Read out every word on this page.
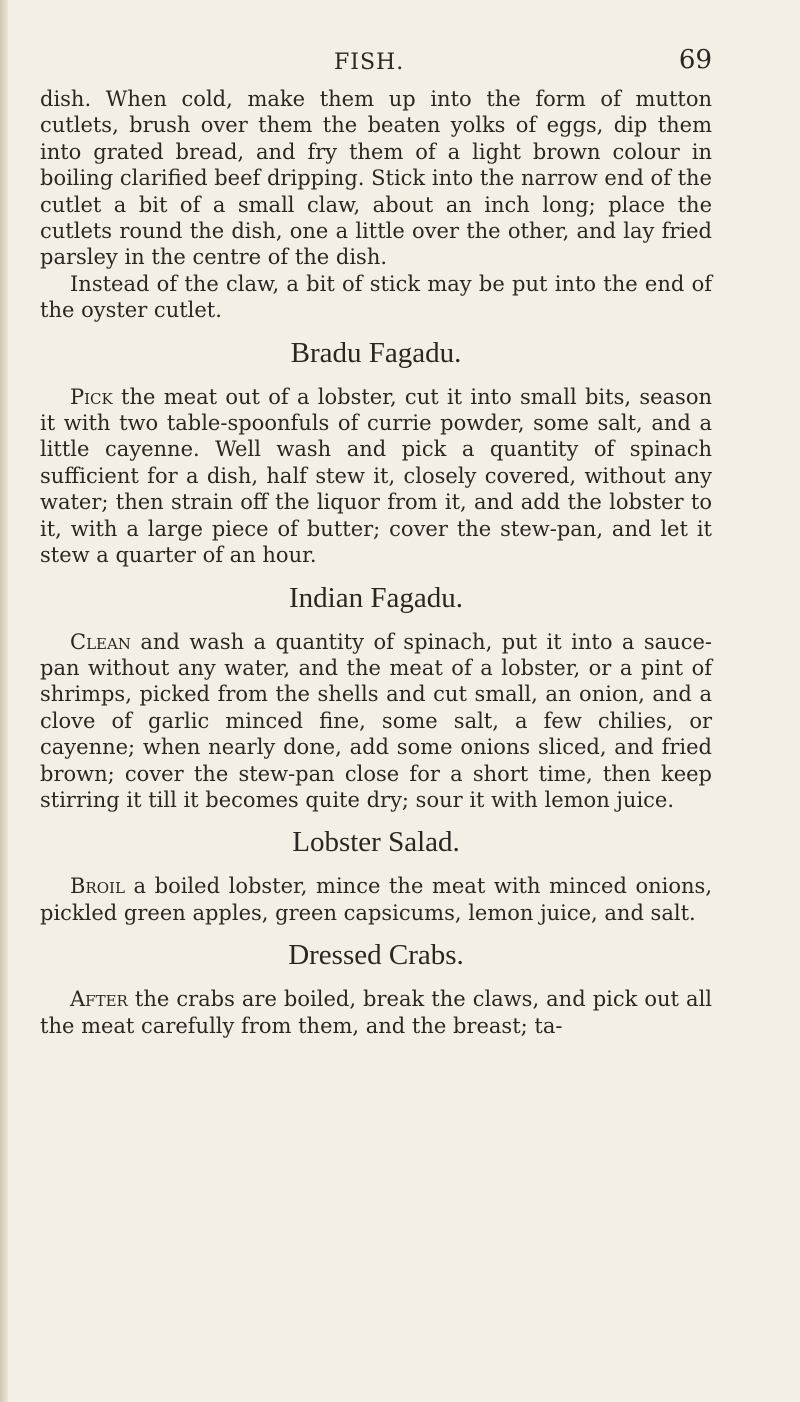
FISH.	69

dish. When cold, make them up into the form of mutton cutlets, brush over them the beaten yolks of eggs, dip them into grated bread, and fry them of a light brown colour in boiling clarified beef dripping. Stick into the narrow end of the cutlet a bit of a small claw, about an inch long; place the cutlets round the dish, one a little over the other, and lay fried parsley in the centre of the dish.

Instead of the claw, a bit of stick may be put into the end of the oyster cutlet.

Bradu Fagadu.

Pick the meat out of a lobster, cut it into small bits, season it with two table-spoonfuls of currie powder, some salt, and a little cayenne. Well wash and pick a quantity of spinach sufficient for a dish, half stew it, closely covered, without any water; then strain off the liquor from it, and add the lobster to it, with a large piece of butter; cover the stew-pan, and let it stew a quarter of an hour.

Indian Fagadu.

Clean and wash a quantity of spinach, put it into a sauce-pan without any water, and the meat of a lobster, or a pint of shrimps, picked from the shells and cut small, an onion, and a clove of garlic minced fine, some salt, a few chilies, or cayenne; when nearly done, add some onions sliced, and fried brown; cover the stew-pan close for a short time, then keep stirring it till it becomes quite dry; sour it with lemon juice.

Lobster Salad.

Broil a boiled lobster, mince the meat with minced onions, pickled green apples, green capsicums, lemon juice, and salt.

Dressed Crabs.

After the crabs are boiled, break the claws, and pick out all the meat carefully from them, and the breast; ta-
